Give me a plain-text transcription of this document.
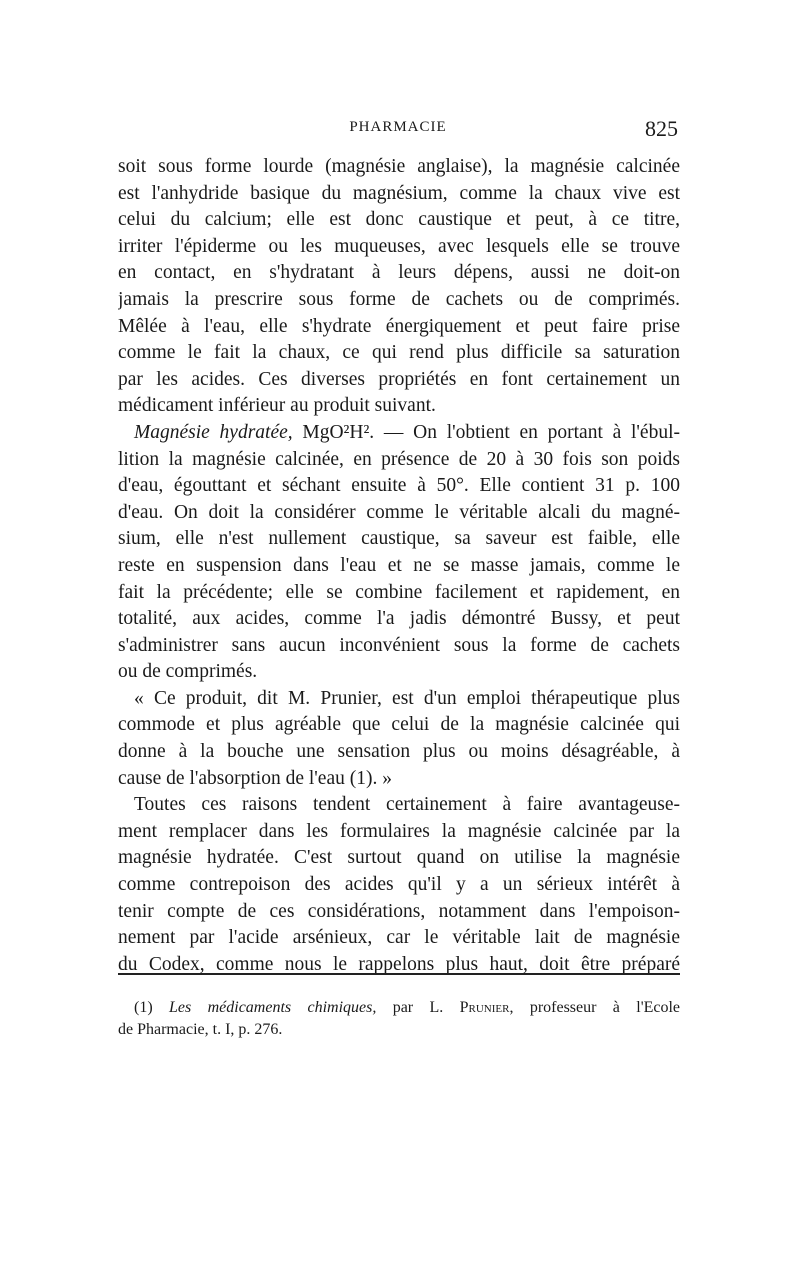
PHARMACIE	825
soit sous forme lourde (magnésie anglaise), la magnésie calcinée
est l'anhydride basique du magnésium, comme la chaux vive est
celui du calcium; elle est donc caustique et peut, à ce titre,
irriter l'épiderme ou les muqueuses, avec lesquels elle se trouve
en contact, en s'hydratant à leurs dépens, aussi ne doit-on
jamais la prescrire sous forme de cachets ou de comprimés.
Mêlée à l'eau, elle s'hydrate énergiquement et peut faire prise
comme le fait la chaux, ce qui rend plus difficile sa saturation
par les acides. Ces diverses propriétés en font certainement un
médicament inférieur au produit suivant.
Magnésie hydratée, MgO²H². — On l'obtient en portant à l'ébul-
lition la magnésie calcinée, en présence de 20 à 30 fois son poids
d'eau, égouttant et séchant ensuite à 50°. Elle contient 31 p. 100
d'eau. On doit la considérer comme le véritable alcali du magné-
sium, elle n'est nullement caustique, sa saveur est faible, elle
reste en suspension dans l'eau et ne se masse jamais, comme le
fait la précédente; elle se combine facilement et rapidement, en
totalité, aux acides, comme l'a jadis démontré Bussy, et peut
s'administrer sans aucun inconvénient sous la forme de cachets
ou de comprimés.
« Ce produit, dit M. Prunier, est d'un emploi thérapeutique plus
commode et plus agréable que celui de la magnésie calcinée qui
donne à la bouche une sensation plus ou moins désagréable, à
cause de l'absorption de l'eau (1). »
Toutes ces raisons tendent certainement à faire avantageuse-
ment remplacer dans les formulaires la magnésie calcinée par la
magnésie hydratée. C'est surtout quand on utilise la magnésie
comme contrepoison des acides qu'il y a un sérieux intérêt à
tenir compte de ces considérations, notamment dans l'empoison-
nement par l'acide arsénieux, car le véritable lait de magnésie
du Codex, comme nous le rappelons plus haut, doit être préparé
(1) Les médicaments chimiques, par L. Prunier, professeur à l'Ecole
de Pharmacie, t. I, p. 276.
